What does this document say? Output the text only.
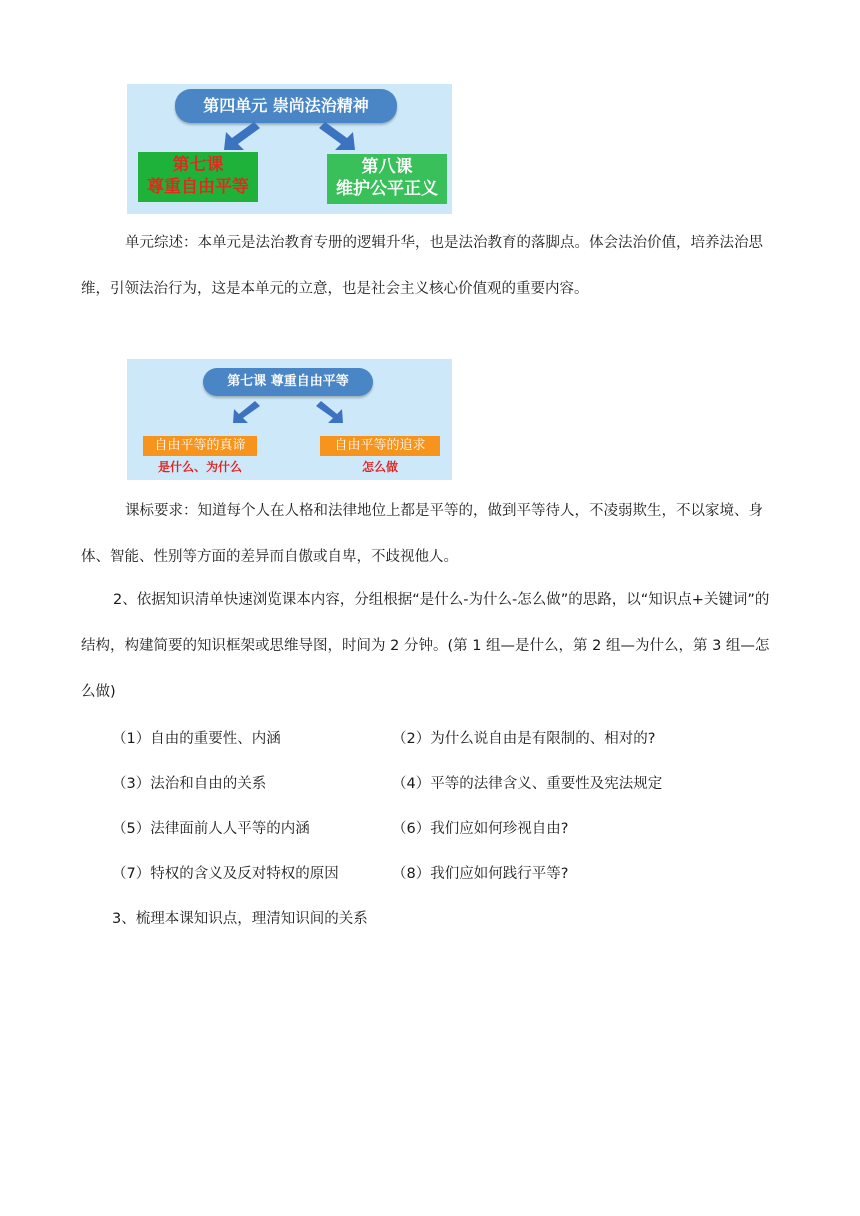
第四单元 崇尚法治精神
第七课
尊重自由平等
第八课
维护公平正义
单元综述：本单元是法治教育专册的逻辑升华，也是法治教育的落脚点。体会法治价值，培养法治思维，引领法治行为，这是本单元的立意，也是社会主义核心价值观的重要内容。
第七课 尊重自由平等
自由平等的真谛
是什么、为什么
自由平等的追求
怎么做
课标要求：知道每个人在人格和法律地位上都是平等的，做到平等待人，不凌弱欺生，不以家境、身体、智能、性别等方面的差异而自傲或自卑，不歧视他人。
2、依据知识清单快速浏览课本内容，分组根据“是什么-为什么-怎么做”的思路，以“知识点+关键词”的结构，构建简要的知识框架或思维导图，时间为 2 分钟。(第 1 组—是什么，第 2 组—为什么，第 3 组—怎么做)
（1）自由的重要性、内涵	（2）为什么说自由是有限制的、相对的?
（3）法治和自由的关系	（4）平等的法律含义、重要性及宪法规定
（5）法律面前人人平等的内涵	（6）我们应如何珍视自由?
（7）特权的含义及反对特权的原因	（8）我们应如何践行平等?
3、梳理本课知识点，理清知识间的关系
